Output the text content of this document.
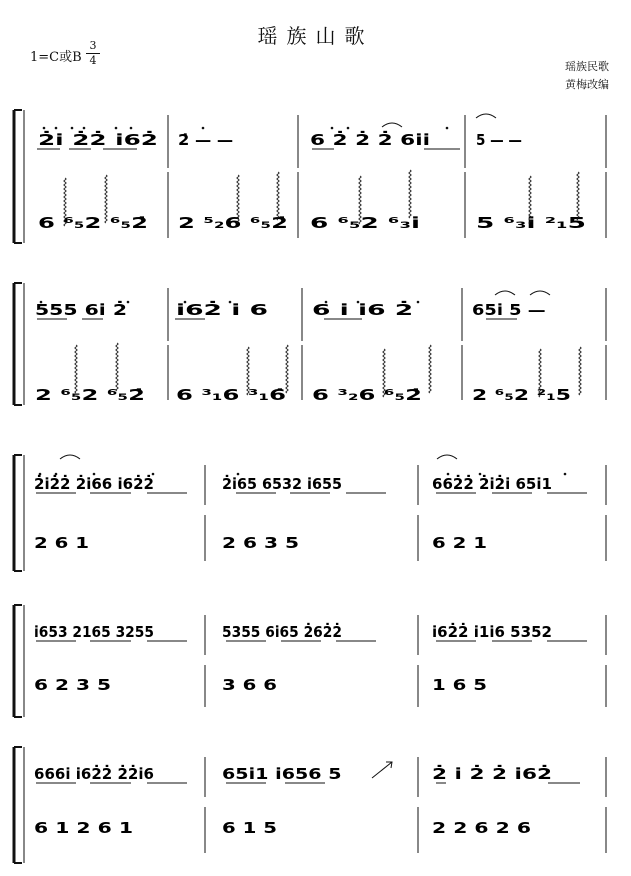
瑶族山歌
1=C或B
3
4	瑶族民歌
黄梅改编
2̇i̇ 2̇2̇ i̇62̇	2̇ — —	6 2̇ 2̇ 2̇ 6i̇i̇	5 — —
6 ⁶₅2 ⁶₅2̇ 2 ⁵₂6 ⁶₅2̇ 6 ⁶₅2 ⁶₃i̇	5 ⁶₃i̇ ²₁5
555 6i̇ 2̇	i̇62̇ i̇ 6	6 i̇ i̇6 2̇	65i̇ 5 —
2 ⁶₅2 ⁶₅2̇ 6 ³₁6 ³₁6̇ 6 ³₂6 ⁶₅2̇	2 ⁶₅2 ²₁5
2̇i̇2̇2̇ 2̇i̇66 i̇62̇2̇	2̇i̇65 6532 i̇655	662̇2̇ 2̇i̇2̇i̇ 65i̇1
2 6 1	2 6 3 5	6 2 1
i̇653 2165 3255	5355 6i̇65 2̇62̇2̇	i̇62̇2̇ i̇1i̇6 5352
6 2 3 5	3 6 6	1 6 5
666i̇ i̇62̇2̇ 2̇2̇i̇6	65i̇1 i̇656 5	2̇ i̇ 2̇ 2̇ i̇62̇
6 1 2 6 1	6 1 5	2 2 6 2 6
